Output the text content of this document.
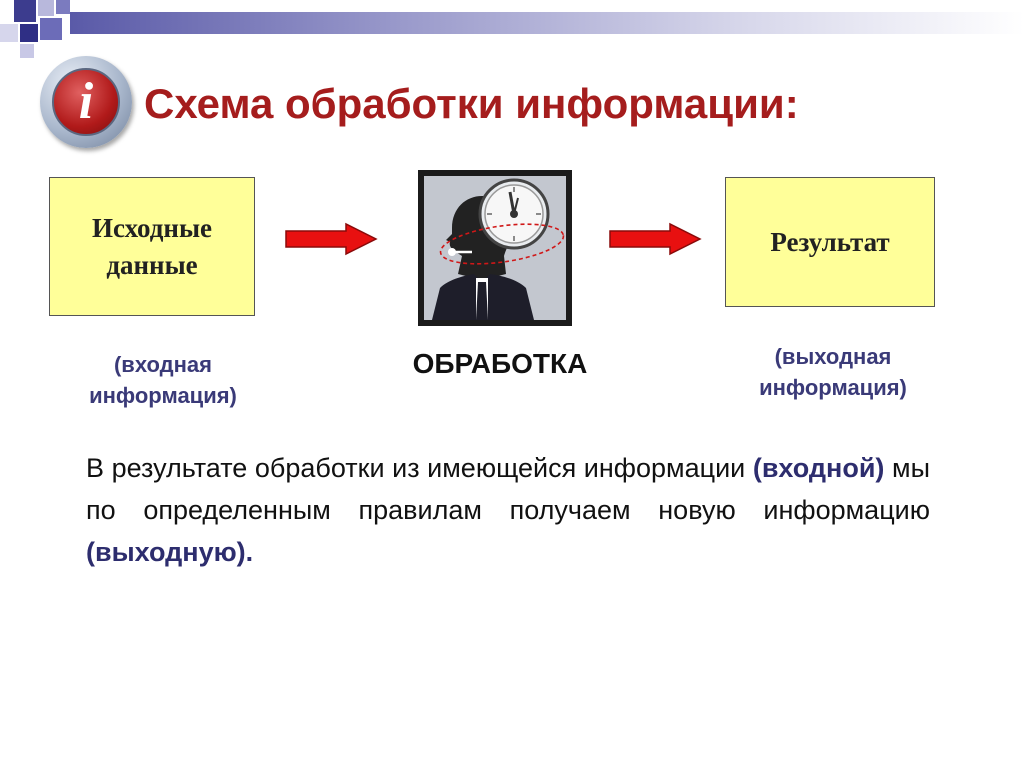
i	Схема обработки информации:
Исходные
данные
Результат
(входная
информация)
ОБРАБОТКА	(выходная
информация)

В результате обработки из имеющейся информации (входной) мы по определенным правилам получаем новую информацию (выходную).
